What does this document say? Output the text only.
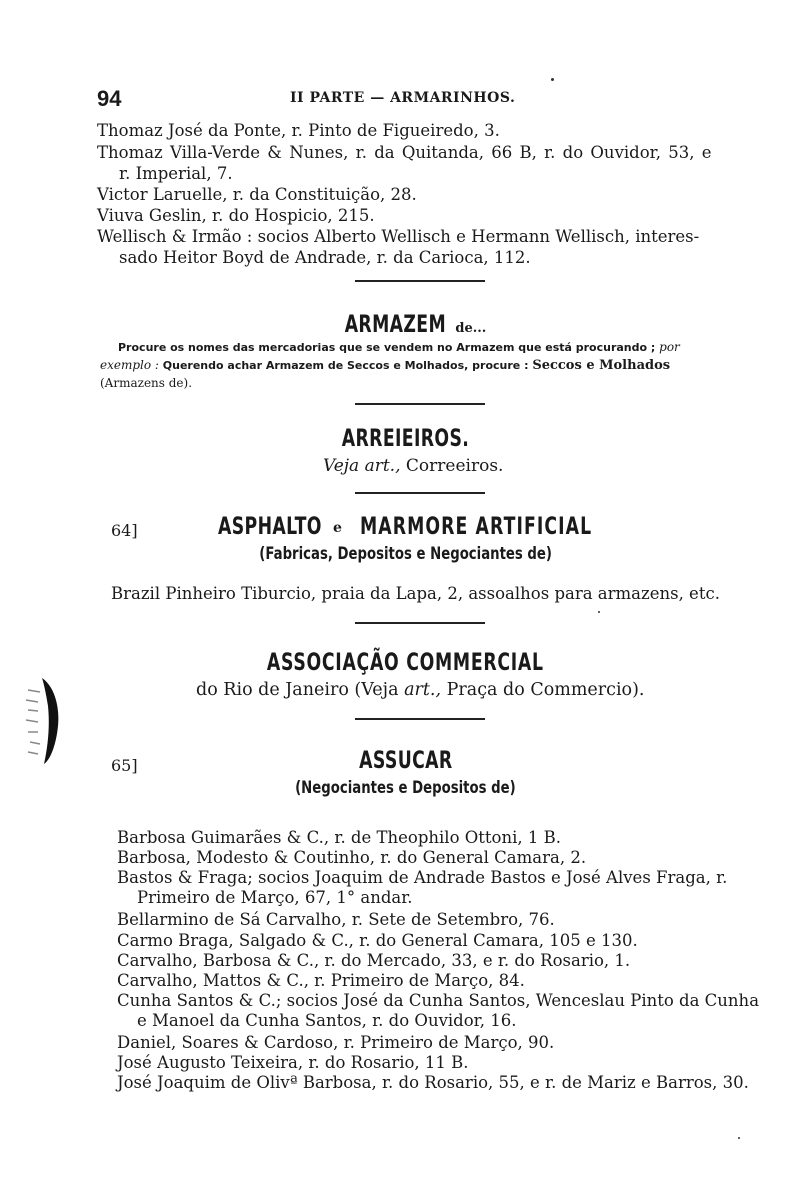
94	II PARTE — ARMARINHOS.
Thomaz José da Ponte, r. Pinto de Figueiredo, 3.
Thomaz Villa-Verde & Nunes, r. da Quitanda, 66 B, r. do Ouvidor, 53, e
r. Imperial, 7.
Victor Laruelle, r. da Constituição, 28.
Viuva Geslin, r. do Hospicio, 215.
Wellisch & Irmão : socios Alberto Wellisch e Hermann Wellisch, interes-
sado Heitor Boyd de Andrade, r. da Carioca, 112.
ARMAZEM de...
Procure os nomes das mercadorias que se vendem no Armazem que está procurando ; por
exemplo : Querendo achar Armazem de Seccos e Molhados, procure : Seccos e Molhados
(Armazens de).
ARREIEIROS.
Veja art., Correeiros.
64]	ASPHALTO e MARMORE ARTIFICIAL
(Fabricas, Depositos e Negociantes de)
Brazil Pinheiro Tiburcio, praia da Lapa, 2, assoalhos para armazens, etc.
ASSOCIAÇÃO COMMERCIAL
do Rio de Janeiro (Veja art., Praça do Commercio).
65]	ASSUCAR
(Negociantes e Depositos de)
Barbosa Guimarães & C., r. de Theophilo Ottoni, 1 B.
Barbosa, Modesto & Coutinho, r. do General Camara, 2.
Bastos & Fraga; socios Joaquim de Andrade Bastos e José Alves Fraga, r.
Primeiro de Março, 67, 1° andar.
Bellarmino de Sá Carvalho, r. Sete de Setembro, 76.
Carmo Braga, Salgado & C., r. do General Camara, 105 e 130.
Carvalho, Barbosa & C., r. do Mercado, 33, e r. do Rosario, 1.
Carvalho, Mattos & C., r. Primeiro de Março, 84.
Cunha Santos & C.; socios José da Cunha Santos, Wenceslau Pinto da Cunha
e Manoel da Cunha Santos, r. do Ouvidor, 16.
Daniel, Soares & Cardoso, r. Primeiro de Março, 90.
José Augusto Teixeira, r. do Rosario, 11 B.
José Joaquim de Olivª Barbosa, r. do Rosario, 55, e r. de Mariz e Barros, 30.
